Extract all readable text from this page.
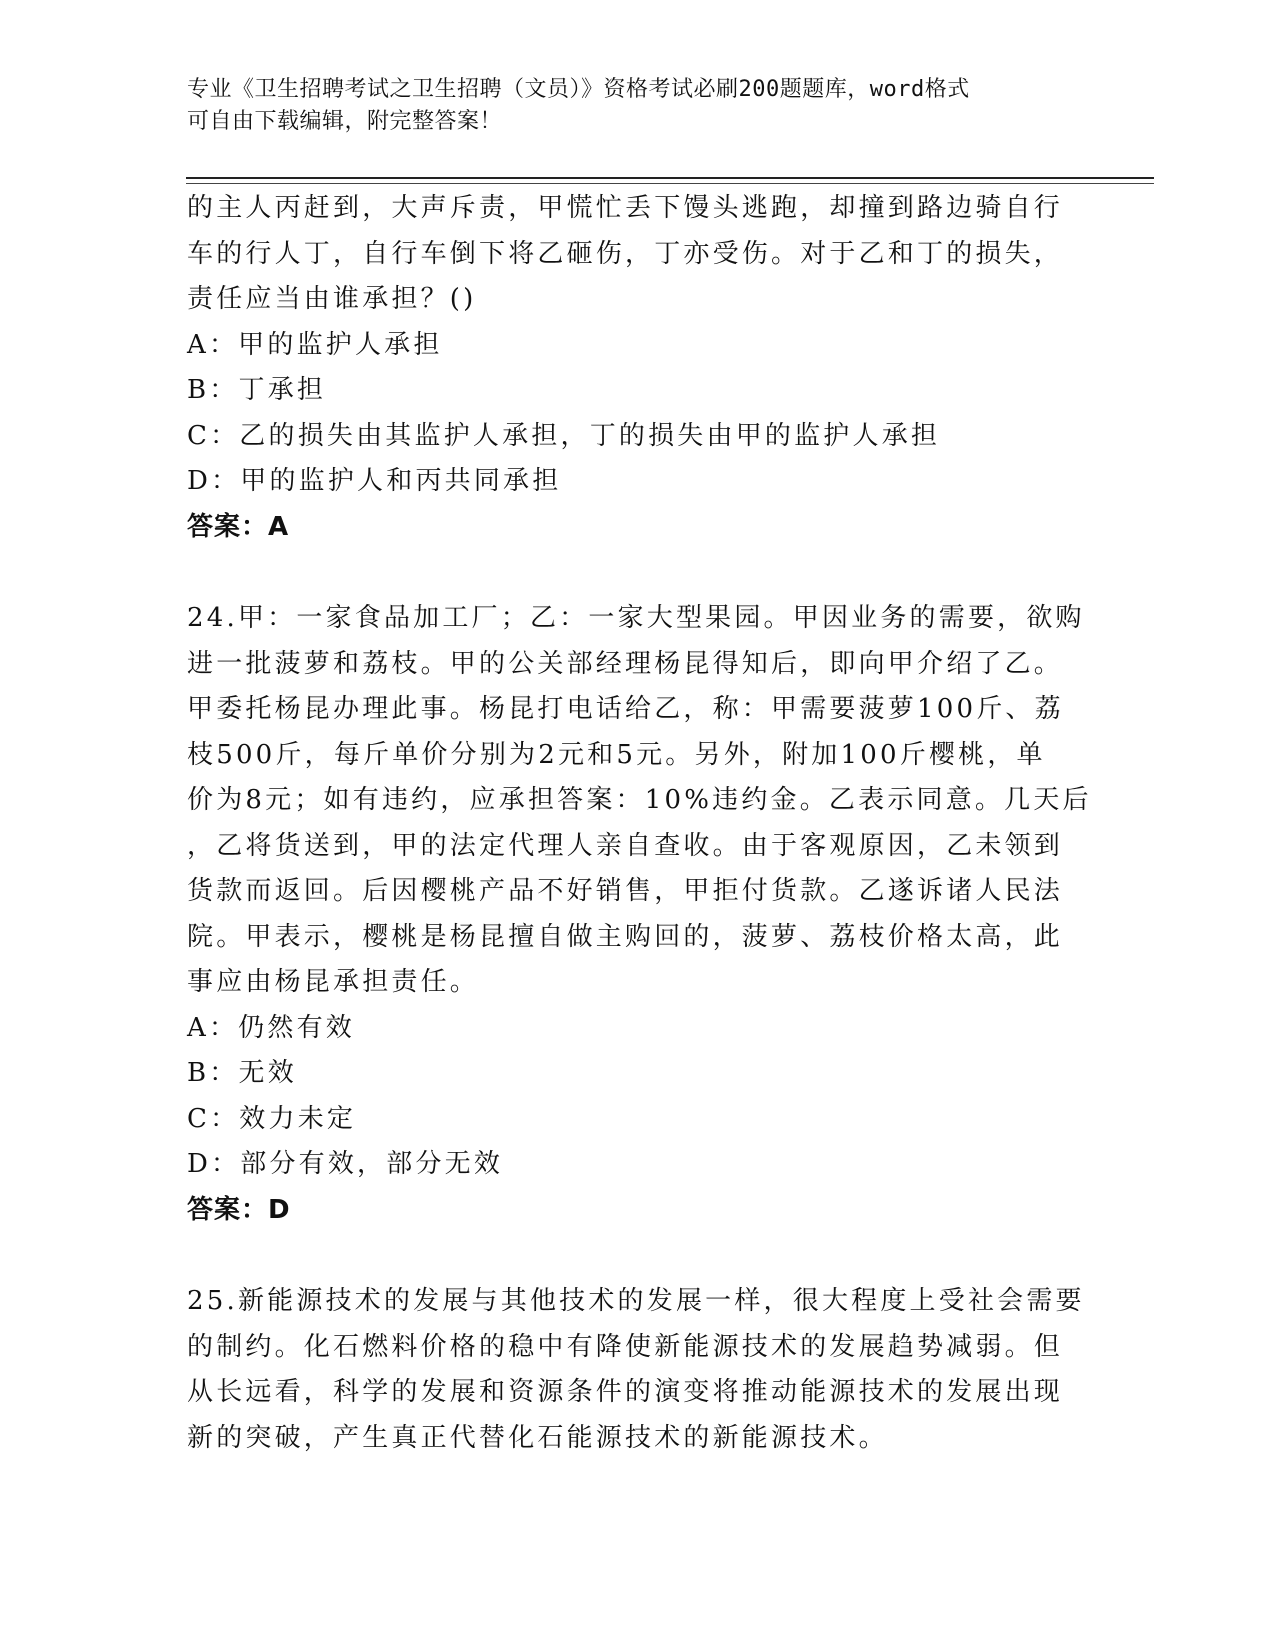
专业《卫生招聘考试之卫生招聘（文员）》资格考试必刷200题题库，word格式
可自由下载编辑，附完整答案！
的主人丙赶到，大声斥责，甲慌忙丢下馒头逃跑，却撞到路边骑自行
车的行人丁，自行车倒下将乙砸伤，丁亦受伤。对于乙和丁的损失，
责任应当由谁承担？()
A：甲的监护人承担
B：丁承担
C：乙的损失由其监护人承担，丁的损失由甲的监护人承担
D：甲的监护人和丙共同承担
答案：A
24.甲：一家食品加工厂；乙：一家大型果园。甲因业务的需要，欲购
进一批菠萝和荔枝。甲的公关部经理杨昆得知后，即向甲介绍了乙。
甲委托杨昆办理此事。杨昆打电话给乙，称：甲需要菠萝100斤、荔
枝500斤，每斤单价分别为2元和5元。另外，附加100斤樱桃，单
价为8元；如有违约，应承担答案：10%违约金。乙表示同意。几天后
，乙将货送到，甲的法定代理人亲自查收。由于客观原因，乙未领到
货款而返回。后因樱桃产品不好销售，甲拒付货款。乙遂诉诸人民法
院。甲表示，樱桃是杨昆擅自做主购回的，菠萝、荔枝价格太高，此
事应由杨昆承担责任。
A：仍然有效
B：无效
C：效力未定
D：部分有效，部分无效
答案：D
25.新能源技术的发展与其他技术的发展一样，很大程度上受社会需要
的制约。化石燃料价格的稳中有降使新能源技术的发展趋势减弱。但
从长远看，科学的发展和资源条件的演变将推动能源技术的发展出现
新的突破，产生真正代替化石能源技术的新能源技术。
